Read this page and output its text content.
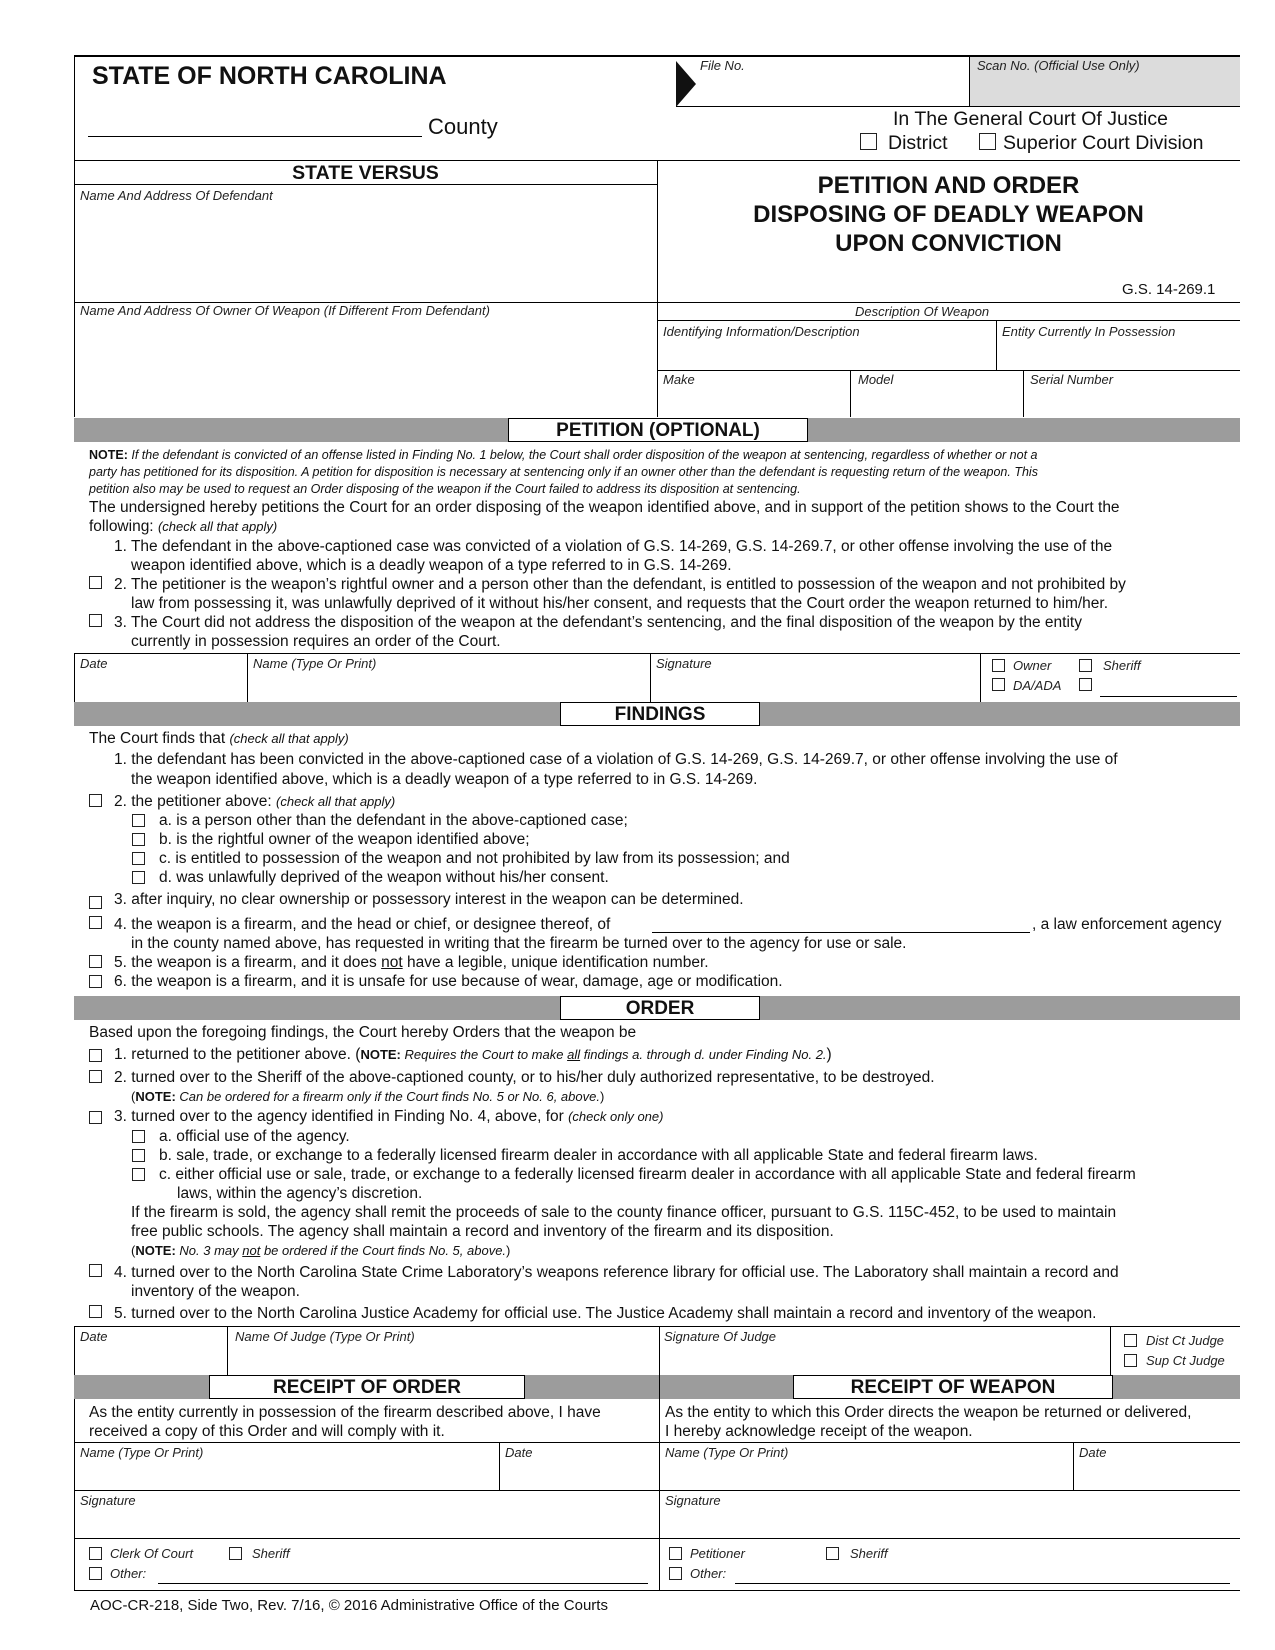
STATE OF NORTH CAROLINA
County
File No.	Scan No. (Official Use Only)
In The General Court Of Justice
District	Superior Court Division
STATE VERSUS
Name And Address Of Defendant	PETITION AND ORDER
DISPOSING OF DEADLY WEAPON
UPON CONVICTION
G.S. 14-269.1
Name And Address Of Owner Of Weapon (If Different From Defendant)	Description Of Weapon
Identifying Information/Description	Entity Currently In Possession
Make	Model	Serial Number
PETITION (OPTIONAL)
NOTE: If the defendant is convicted of an offense listed in Finding No. 1 below, the Court shall order disposition of the weapon at sentencing, regardless of whether or not a
party has petitioned for its disposition. A petition for disposition is necessary at sentencing only if an owner other than the defendant is requesting return of the weapon. This
petition also may be used to request an Order disposing of the weapon if the Court failed to address its disposition at sentencing.
The undersigned hereby petitions the Court for an order disposing of the weapon identified above, and in support of the petition shows to the Court the
following: (check all that apply)
1. The defendant in the above-captioned case was convicted of a violation of G.S. 14-269, G.S. 14-269.7, or other offense involving the use of the
weapon identified above, which is a deadly weapon of a type referred to in G.S. 14-269.
2. The petitioner is the weapon’s rightful owner and a person other than the defendant, is entitled to possession of the weapon and not prohibited by
law from possessing it, was unlawfully deprived of it without his/her consent, and requests that the Court order the weapon returned to him/her.
3. The Court did not address the disposition of the weapon at the defendant’s sentencing, and the final disposition of the weapon by the entity
currently in possession requires an order of the Court.
Date	Name (Type Or Print)	Signature	Owner	Sheriff
DA/ADA
FINDINGS
The Court finds that (check all that apply)
1. the defendant has been convicted in the above-captioned case of a violation of G.S. 14-269, G.S. 14-269.7, or other offense involving the use of
the weapon identified above, which is a deadly weapon of a type referred to in G.S. 14-269.
2. the petitioner above: (check all that apply)
a. is a person other than the defendant in the above-captioned case;
b. is the rightful owner of the weapon identified above;
c. is entitled to possession of the weapon and not prohibited by law from its possession; and
d. was unlawfully deprived of the weapon without his/her consent.
3. after inquiry, no clear ownership or possessory interest in the weapon can be determined.
4. the weapon is a firearm, and the head or chief, or designee thereof, of	, a law enforcement agency
in the county named above, has requested in writing that the firearm be turned over to the agency for use or sale.
5. the weapon is a firearm, and it does not have a legible, unique identification number.
6. the weapon is a firearm, and it is unsafe for use because of wear, damage, age or modification.
ORDER
Based upon the foregoing findings, the Court hereby Orders that the weapon be
1. returned to the petitioner above. (NOTE: Requires the Court to make all findings a. through d. under Finding No. 2.)
2. turned over to the Sheriff of the above-captioned county, or to his/her duly authorized representative, to be destroyed.
(NOTE: Can be ordered for a firearm only if the Court finds No. 5 or No. 6, above.)
3. turned over to the agency identified in Finding No. 4, above, for (check only one)
a. official use of the agency.
b. sale, trade, or exchange to a federally licensed firearm dealer in accordance with all applicable State and federal firearm laws.
c. either official use or sale, trade, or exchange to a federally licensed firearm dealer in accordance with all applicable State and federal firearm
laws, within the agency’s discretion.
If the firearm is sold, the agency shall remit the proceeds of sale to the county finance officer, pursuant to G.S. 115C-452, to be used to maintain
free public schools. The agency shall maintain a record and inventory of the firearm and its disposition.
(NOTE: No. 3 may not be ordered if the Court finds No. 5, above.)
4. turned over to the North Carolina State Crime Laboratory’s weapons reference library for official use. The Laboratory shall maintain a record and
inventory of the weapon.
5. turned over to the North Carolina Justice Academy for official use. The Justice Academy shall maintain a record and inventory of the weapon.
Date	Name Of Judge (Type Or Print)	Signature Of Judge	Dist Ct Judge
Sup Ct Judge
RECEIPT OF ORDER	RECEIPT OF WEAPON
As the entity currently in possession of the firearm described above, I have
received a copy of this Order and will comply with it.
As the entity to which this Order directs the weapon be returned or delivered,
I hereby acknowledge receipt of the weapon.
Name (Type Or Print)	Date	Name (Type Or Print)	Date
Signature	Signature
Clerk Of Court	Sheriff
Other:
Petitioner	Sheriff
Other:
AOC-CR-218, Side Two, Rev. 7/16, © 2016 Administrative Office of the Courts
